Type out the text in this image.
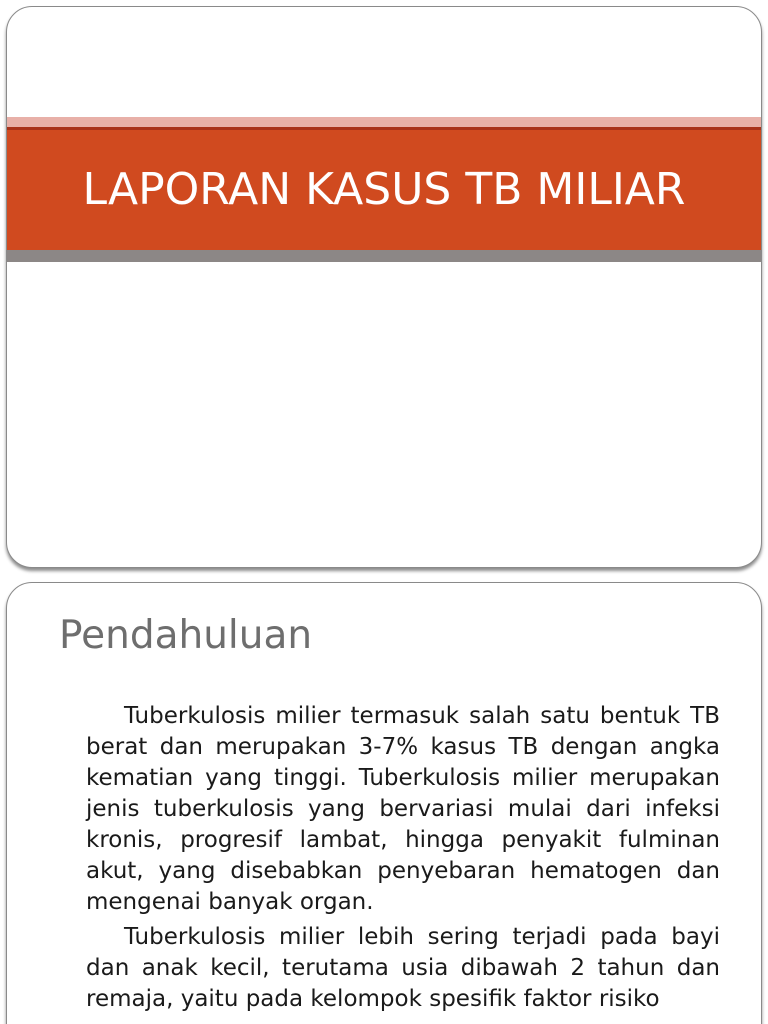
LAPORAN KASUS TB MILIAR
Pendahuluan

Tuberkulosis milier termasuk salah satu bentuk TB berat dan merupakan 3-7% kasus TB dengan angka kematian yang tinggi. Tuberkulosis milier merupakan jenis tuberkulosis yang bervariasi mulai dari infeksi kronis, progresif lambat, hingga penyakit fulminan akut, yang disebabkan penyebaran hematogen dan mengenai banyak organ.

Tuberkulosis milier lebih sering terjadi pada bayi dan anak kecil, terutama usia dibawah 2 tahun dan remaja, yaitu pada kelompok spesifik faktor risiko
